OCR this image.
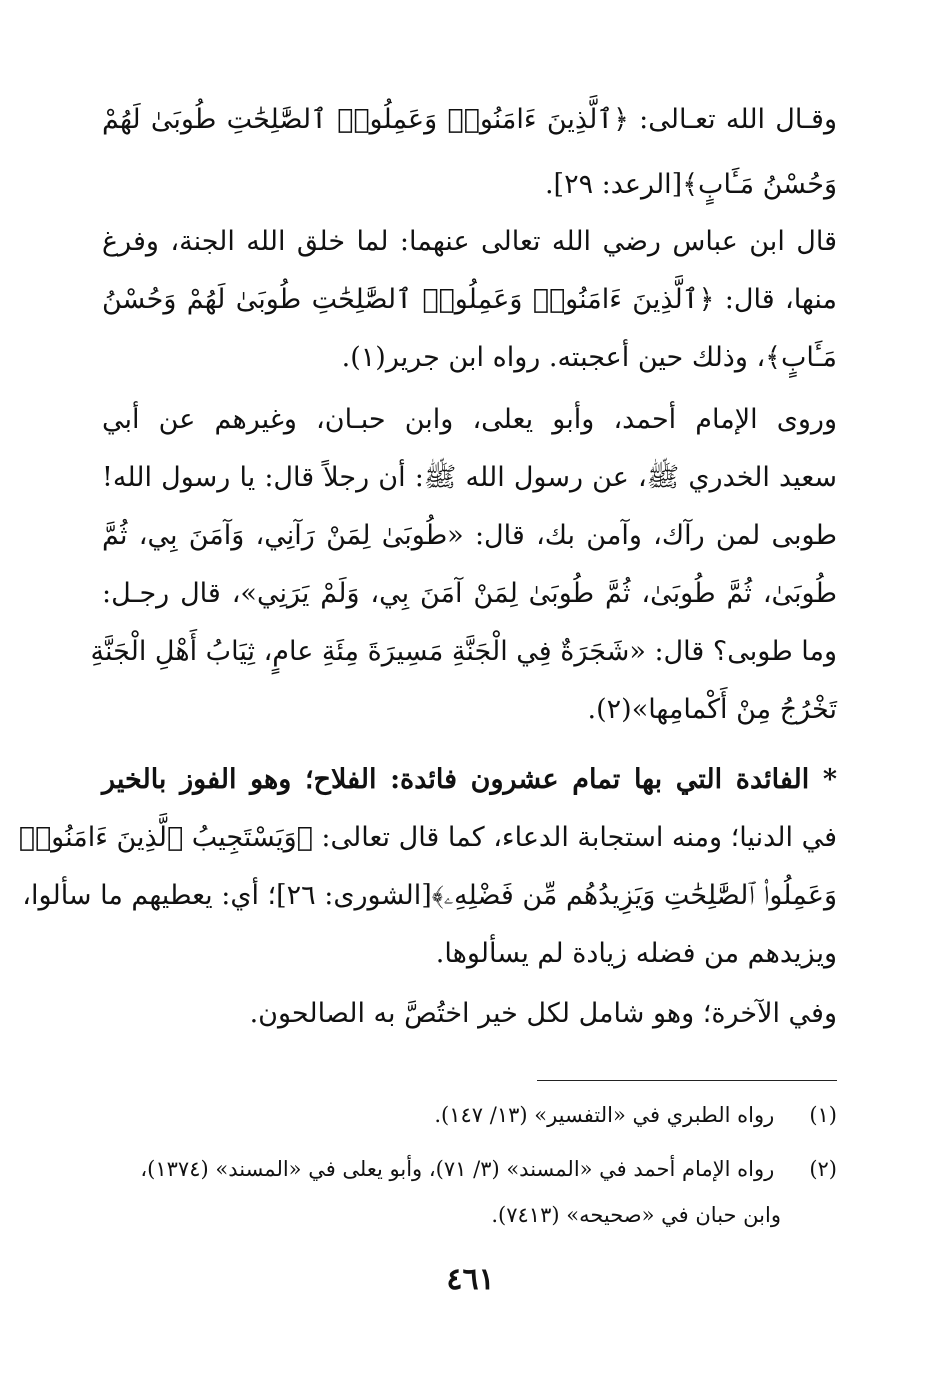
وقـال الله تعـالى: ﴿ٱلَّذِينَ ءَامَنُوا۟ وَعَمِلُوا۟ ٱلصَّٰلِحَٰتِ طُوبَىٰ لَهُمْ
وَحُسْنُ مَـَٔابٍ﴾[الرعد: ٢٩].
قال ابن عباس رضي الله تعالى عنهما: لما خلق الله الجنة، وفرغ
منها، قال: ﴿ٱلَّذِينَ ءَامَنُوا۟ وَعَمِلُوا۟ ٱلصَّٰلِحَٰتِ طُوبَىٰ لَهُمْ وَحُسْنُ
مَـَٔابٍ﴾، وذلك حين أعجبته. رواه ابن جرير(١).
وروى الإمام أحمد، وأبو يعلى، وابن حبـان، وغيرهم عن أبي
سعيد الخدري ﷺ، عن رسول الله ﷺ: أن رجلاً قال: يا رسول الله!
طوبى لمن رآك، وآمن بك، قال: «طُوبَىٰ لِمَنْ رَآنِي، وَآمَنَ بِي، ثُمَّ
طُوبَىٰ، ثُمَّ طُوبَىٰ، ثُمَّ طُوبَىٰ لِمَنْ آمَنَ بِي، وَلَمْ يَرَنِي»، قال رجـل:
وما طوبى؟ قال: «شَجَرَةٌ فِي الْجَنَّةِ مَسِيرَةَ مِئَةِ عامٍ، ثِيَابُ أَهْلِ الْجَنَّةِ
تَخْرُجُ مِنْ أَكْمامِها»(٢).
* الفائدة التي بها تمام عشرون فائدة: الفلاح؛ وهو الفوز بالخير
في الدنيا؛ ومنه استجابة الدعاء، كما قال تعالى: ﴿وَيَسْتَجِيبُ ٱلَّذِينَ ءَامَنُوا۟
وَعَمِلُوا۟ ٱلصَّٰلِحَٰتِ وَيَزِيدُهُم مِّن فَضْلِهِۦ﴾[الشورى: ٢٦]؛ أي: يعطيهم ما سألوا،
ويزيدهم من فضله زيادة لم يسألوها.
وفي الآخرة؛ وهو شامل لكل خير اختُصَّ به الصالحون.
(١) رواه الطبري في «التفسير» (١٣/ ١٤٧).
(٢) رواه الإمام أحمد في «المسند» (٣/ ٧١)، وأبو يعلى في «المسند» (١٣٧٤)،
وابن حبان في «صحيحه» (٧٤١٣).
٤٦١
